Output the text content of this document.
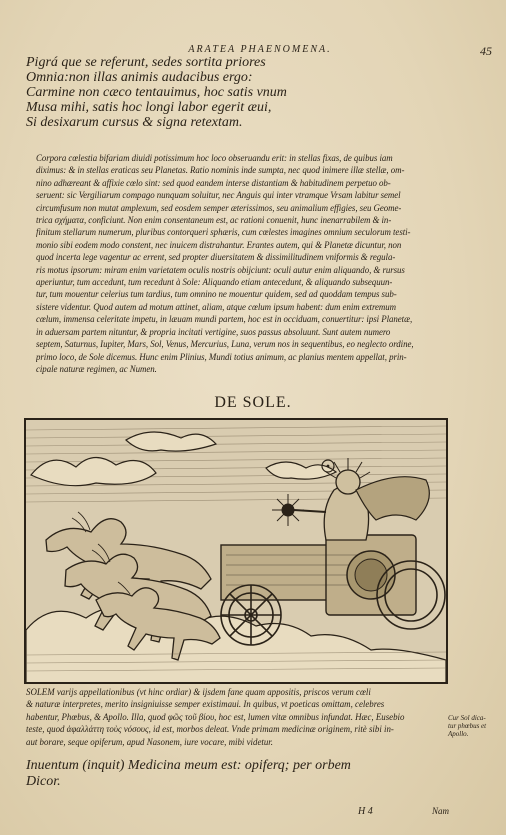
ARATEA PHAENOMENA.	45
Pigrá que se referunt, sedes sortita priores
Omnia:non illas animis audacibus ergo:
Carmine non cæco tentauimus, hoc satis vnum
Musa mihi, satis hoc longi labor egerit æui,
Si desixarum cursus & signa retextam.
Corpora cœlestia bifariam diuidi potissimum hoc loco obseruandu erit: in stellas fixas, de quibus iam
diximus: & in stellas eraticas seu Planetas. Ratio nominis inde sumpta, nec quod inimere illæ stellæ, om-
nino adhæreant & affixie cœlo sint: sed quod eandem interse distantiam & habitudinem perpetuo ob-
seruent: sic Vergiliarum compago nunquam soluitur, nec Anguis qui inter vtramque Vrsam labitur semel
circumfusum non mutat amplexum, sed eosdem semper æterissimos, seu animalium effigies, seu Geome-
trica σχήματα, conficiunt. Non enim consentaneum est, ac rationi conuenit, hunc inenarrabilem & in-
finitum stellarum numerum, pluribus contorqueri sphæris, cum cœlestes imagines omnium seculorum testi-
monio sibi eodem modo constent, nec inuicem distrahantur. Erantes autem, qui & Planetæ dicuntur, non
quod incerta lege vagentur ac errent, sed propter diuersitatem & dissimilitudinem vniformis & regula-
ris motus ipsorum: miram enim varietatem oculis nostris obijciunt: oculi autur enim aliquando, & rursus
aperiuntur, tum accedunt, tum recedunt à Sole: Aliquando etiam antecedunt, & aliquando subsequun-
tur, tum mouentur celerius tum tardius, tum omnino ne mouentur quidem, sed ad quoddam tempus sub-
sistere videntur. Quod autem ad motum attinet, aliam, atque cœlum ipsum habent: dum enim extremum
cœlum, immensa celeritate impetu, in læuam mundi partem, hoc est in occiduam, conuertitur: ipsi Planetæ,
in aduersam partem nituntur, & propria incitati vertigine, suos passus absoluunt. Sunt autem numero
septem, Saturnus, Iupiter, Mars, Sol, Venus, Mercurius, Luna, verum nos in sequentibus, eo neglecto ordine,
primo loco, de Sole dicemus. Hunc enim Plinius, Mundi totius animum, ac planius mentem appellat, prin-
cipale naturæ regimen, ac Numen.
DE SOLE.
SOLEM varijs appellationibus (vt hinc ordiar) & ijsdem fane quam appositis, priscos verum cœli
& naturæ interpretes, merito insigniuisse semper existimaui. In quibus, vt poeticas omittam, celebres
habentur, Phœbus, & Apollo. Illa, quod φῶς τοῦ βίου, hoc est, lumen vitæ omnibus infundat. Hæc, Eusebio
teste, quod ἀφαλλάττη τοὺς νόσους, id est, morbos deleat. Vnde primam medicinæ originem, ritè sibi in-
aut borare, seque opiferum, apud Nasonem, iure vocare, mibi videtur.
Cur Sol dica-
tur phœbus et
Apollo.
Inuentum (inquit) Medicina meum est: opiferq; per orbem
Dicor.
H 4	Nam
